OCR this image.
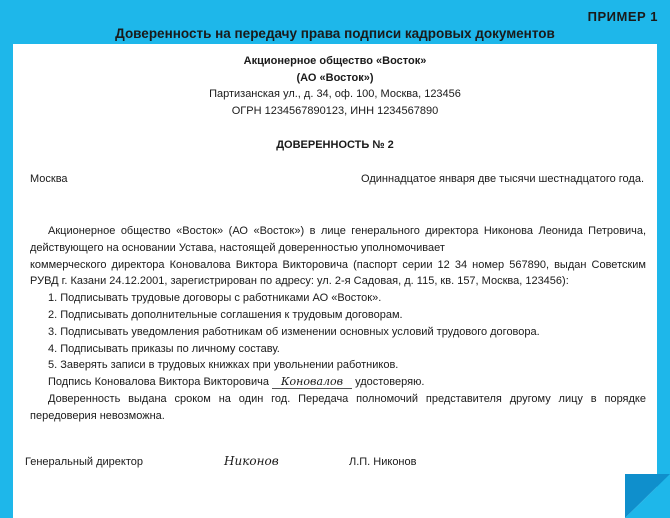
ПРИМЕР 1
Доверенность на передачу права подписи кадровых документов
Акционерное общество «Восток»
(АО «Восток»)
Партизанская ул., д. 34, оф. 100, Москва, 123456
ОГРН 1234567890123, ИНН 1234567890
ДОВЕРЕННОСТЬ № 2
Москва	Одиннадцатое января две тысячи шестнадцатого года.

Акционерное общество «Восток» (АО «Восток») в лице генерального директора Никонова Леонида Петровича, действующего на основании Устава, настоящей доверенностью уполномочивает

коммерческого директора Коновалова Виктора Викторовича (паспорт серии 12 34 номер 567890, выдан Советским РУВД г. Казани 24.12.2001, зарегистрирован по адресу: ул. 2-я Садовая, д. 115, кв. 157, Москва, 123456):

1. Подписывать трудовые договоры с работниками АО «Восток».

2. Подписывать дополнительные соглашения к трудовым договорам.

3. Подписывать уведомления работникам об изменении основных условий трудового договора.

4. Подписывать приказы по личному составу.

5. Заверять записи в трудовых книжках при увольнении работников.

Подпись Коновалова Виктора Викторовича Коновалов удостоверяю.

Доверенность выдана сроком на один год. Передача полномочий представителя другому лицу в порядке передоверия невозможна.

Генеральный директор	Никонов	Л.П. Никонов
